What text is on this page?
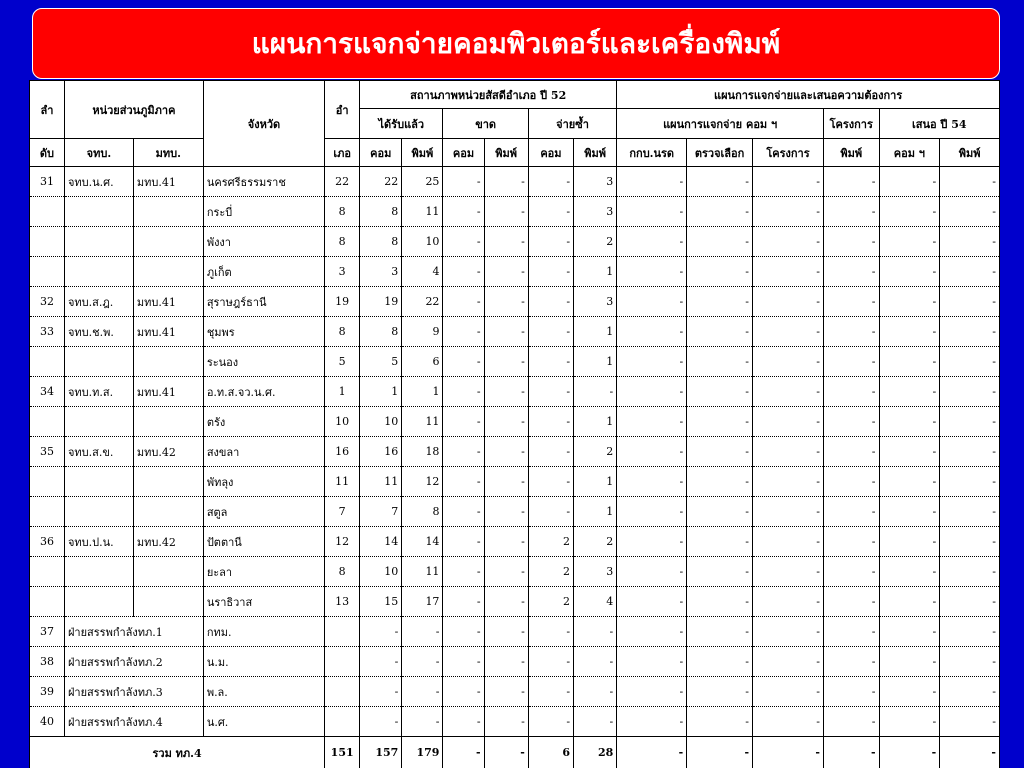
แผนการแจกจ่ายคอมพิวเตอร์และเครื่องพิมพ์
ลำ	หน่วยส่วนภูมิภาค		จังหวัด	อำ	สถานภาพหน่วยสัสดีอำเภอ ปี 52						แผนการแจกจ่ายและเสนอความต้องการ					
					ได้รับแล้ว		ขาด		จ่ายซ้ำ		แผนการแจกจ่าย คอม ฯ			โครงการ	เสนอ ปี 54	
ดับ	จทบ.	มทบ.		เภอ	คอม	พิมพ์	คอม	พิมพ์	คอม	พิมพ์	กกบ.นรด	ตรวจเลือก	โครงการ	พิมพ์	คอม ฯ	พิมพ์
31	จทบ.น.ศ.	มทบ.41	นครศรีธรรมราช	22	22	25	-	-	-	3	-	-	-	-	-	-
			กระบี่	8	8	11	-	-	-	3	-	-	-	-	-	-
			พังงา	8	8	10	-	-	-	2	-	-	-	-	-	-
			ภูเก็ต	3	3	4	-	-	-	1	-	-	-	-	-	-
32	จทบ.ส.ฎ.	มทบ.41	สุราษฎร์ธานี	19	19	22	-	-	-	3	-	-	-	-	-	-
33	จทบ.ช.พ.	มทบ.41	ชุมพร	8	8	9	-	-	-	1	-	-	-	-	-	-
			ระนอง	5	5	6	-	-	-	1	-	-	-	-	-	-
34	จทบ.ท.ส.	มทบ.41	อ.ท.ส.จว.น.ศ.	1	1	1	-	-	-	-	-	-	-	-	-	-
			ตรัง	10	10	11	-	-	-	1	-	-	-	-	-	-
35	จทบ.ส.ข.	มทบ.42	สงขลา	16	16	18	-	-	-	2	-	-	-	-	-	-
			พัทลุง	11	11	12	-	-	-	1	-	-	-	-	-	-
			สตูล	7	7	8	-	-	-	1	-	-	-	-	-	-
36	จทบ.ป.น.	มทบ.42	ปัตตานี	12	14	14	-	-	2	2	-	-	-	-	-	-
			ยะลา	8	10	11	-	-	2	3	-	-	-	-	-	-
			นราธิวาส	13	15	17	-	-	2	4	-	-	-	-	-	-
37	ฝ่ายสรรพกำลังทภ.1		กทม.		-	-	-	-	-	-	-	-	-	-	-	-
38	ฝ่ายสรรพกำลังทภ.2		น.ม.		-	-	-	-	-	-	-	-	-	-	-	-
39	ฝ่ายสรรพกำลังทภ.3		พ.ล.		-	-	-	-	-	-	-	-	-	-	-	-
40	ฝ่ายสรรพกำลังทภ.4		น.ศ.		-	-	-	-	-	-	-	-	-	-	-	-
รวม ทภ.4				151	157	179	-	-	6	28	-	-	-	-	-	-
